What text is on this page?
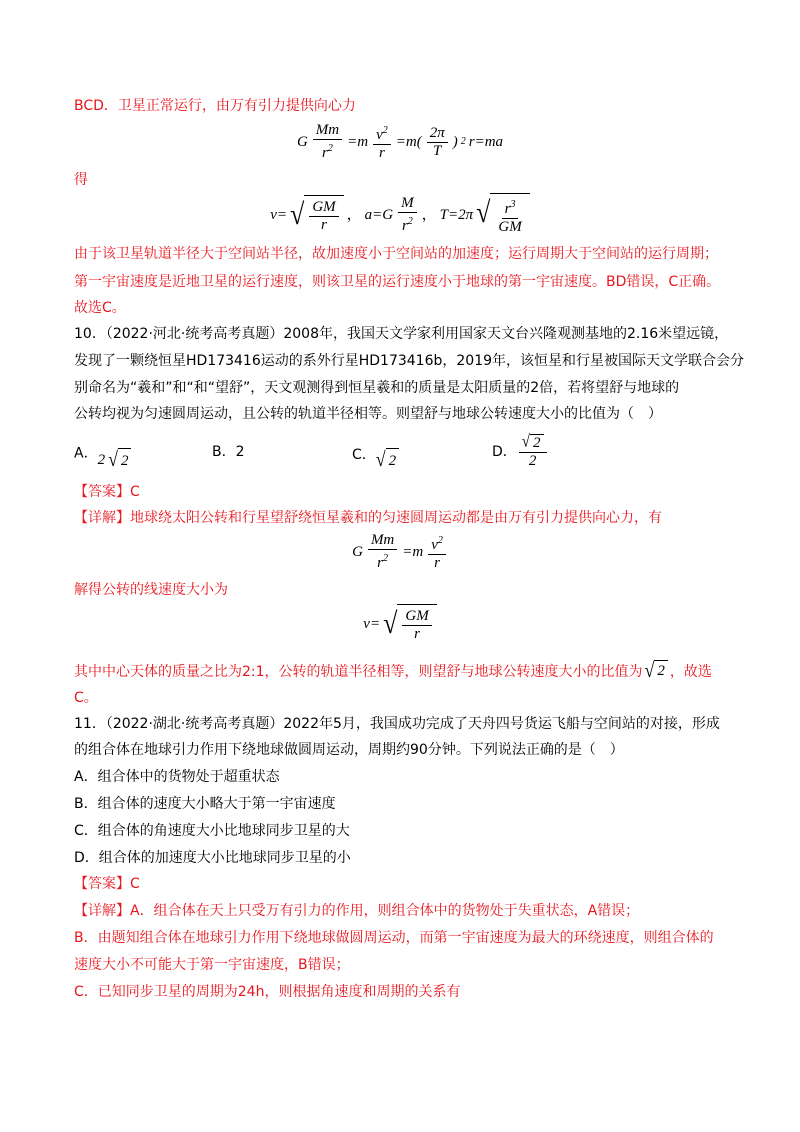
BCD．卫星正常运行，由万有引力提供向心力
G $\frac{Mm}{r^2} =m \frac{v^2}{r} =m( \frac{2\pi}{T}$ ) 2 r=ma
得
v= √ $\frac{GM}{r}$ ， $a=G \frac{M}{r^2}$ ， T=2π √ $\frac{r^3}{GM}$
由于该卫星轨道半径大于空间站半径，故加速度小于空间站的加速度；运行周期大于空间站的运行周期；
第一宇宙速度是近地卫星的运行速度，则该卫星的运行速度小于地球的第一宇宙速度。BD错误，C正确。
故选C。
10．（2022·河北·统考高考真题）2008年，我国天文学家利用国家天文台兴隆观测基地的2.16米望远镜，
发现了一颗绕恒星HD173416运动的系外行星HD173416b，2019年，该恒星和行星被国际天文学联合会分
别命名为“羲和”和“和“望舒”，天文观测得到恒星羲和的质量是太阳质量的2倍，若将望舒与地球的
公转均视为匀速圆周运动，且公转的轨道半径相等。则望舒与地球公转速度大小的比值为（　）
A．2 √ 2
B．2	C． √ 2
D． $\frac{√ 2}{2}$
【答案】C
【详解】地球绕太阳公转和行星望舒绕恒星羲和的匀速圆周运动都是由万有引力提供向心力，有
G $\frac{Mm}{r^2} =m \frac{v^2}{r}$
解得公转的线速度大小为
v= √ $\frac{GM}{r}$
其中中心天体的质量之比为2:1，公转的轨道半径相等，则望舒与地球公转速度大小的比值为 √ 2 ，故选
C。
11．（2022·湖北·统考高考真题）2022年5月，我国成功完成了天舟四号货运飞船与空间站的对接，形成
的组合体在地球引力作用下绕地球做圆周运动，周期约90分钟。下列说法正确的是（　）
A．组合体中的货物处于超重状态
B．组合体的速度大小略大于第一宇宙速度
C．组合体的角速度大小比地球同步卫星的大
D．组合体的加速度大小比地球同步卫星的小
【答案】C
【详解】A．组合体在天上只受万有引力的作用，则组合体中的货物处于失重状态，A错误；
B．由题知组合体在地球引力作用下绕地球做圆周运动，而第一宇宙速度为最大的环绕速度，则组合体的
速度大小不可能大于第一宇宙速度，B错误；
C．已知同步卫星的周期为24h，则根据角速度和周期的关系有
